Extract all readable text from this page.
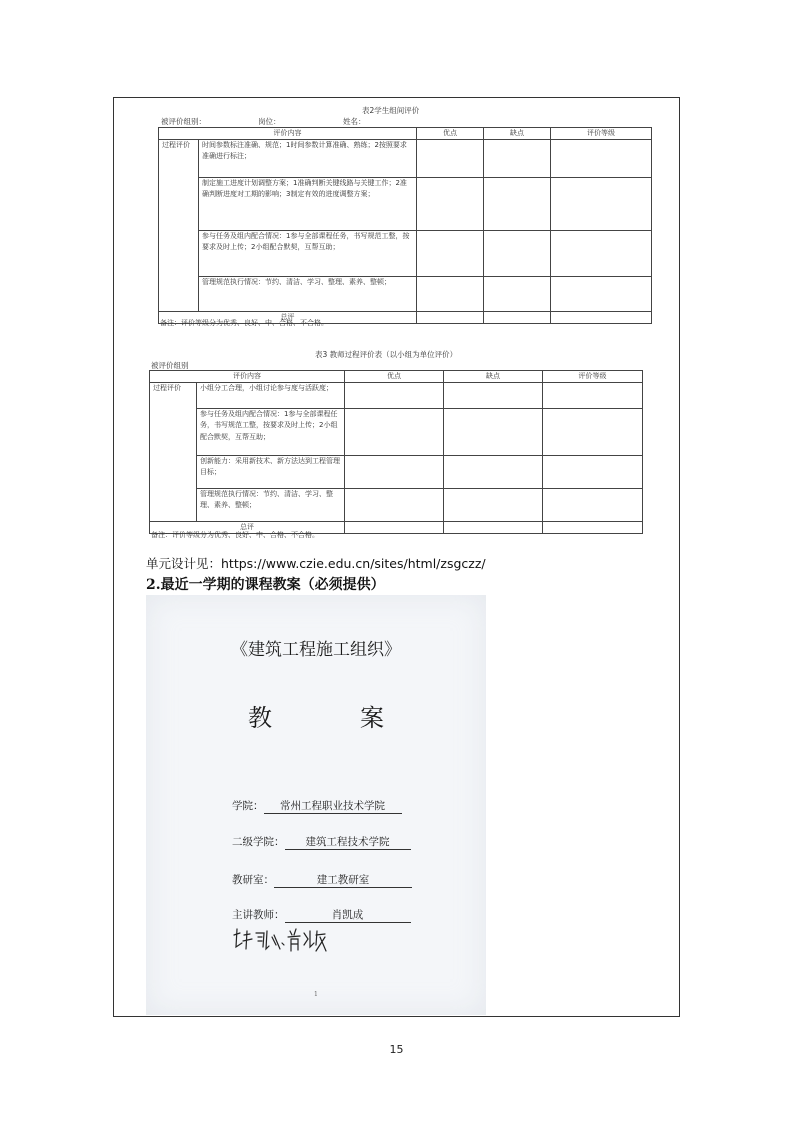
表2学生组间评价
被评价组别：	岗位：	姓名：
评价内容		优点	缺点	评价等级
过程评价	时间参数标注准确、规范；1时间参数计算准确、熟练；2按照要求准确进行标注；			
	制定施工进度计划调整方案；1准确判断关键线路与关键工作；2准确判断进度对工期的影响；3制定有效的进度调整方案；			
	参与任务及组内配合情况：1参与全部课程任务，书写规范工整，按要求及时上传；2小组配合默契，互帮互助；			
	管理规范执行情况：节约、清洁、学习、整理、素养、整顿；			
总评				
备注：评价等级分为优秀、良好、中、合格、不合格。
表3 教师过程评价表（以小组为单位评价）
被评价组别
评价内容		优点	缺点	评价等级
过程评价	小组分工合理，小组讨论参与度与活跃度；			
	参与任务及组内配合情况：1参与全部课程任务，书写规范工整，按要求及时上传；2小组配合默契，互帮互助；			
	创新能力：采用新技术、新方法达到工程管理目标；			
	管理规范执行情况：节约、清洁、学习、整理、素养、整顿；			
总评				
备注：评价等级分为优秀、良好、中、合格、不合格。
单元设计见：https://www.czie.edu.cn/sites/html/zsgczz/
2.最近一学期的课程教案（必须提供）
《建筑工程施工组织》
教　案
学院： 常州工程职业技术学院
二级学院： 建筑工程技术学院
教研室：	建工教研室
主讲教师：	肖凯成
1
15
